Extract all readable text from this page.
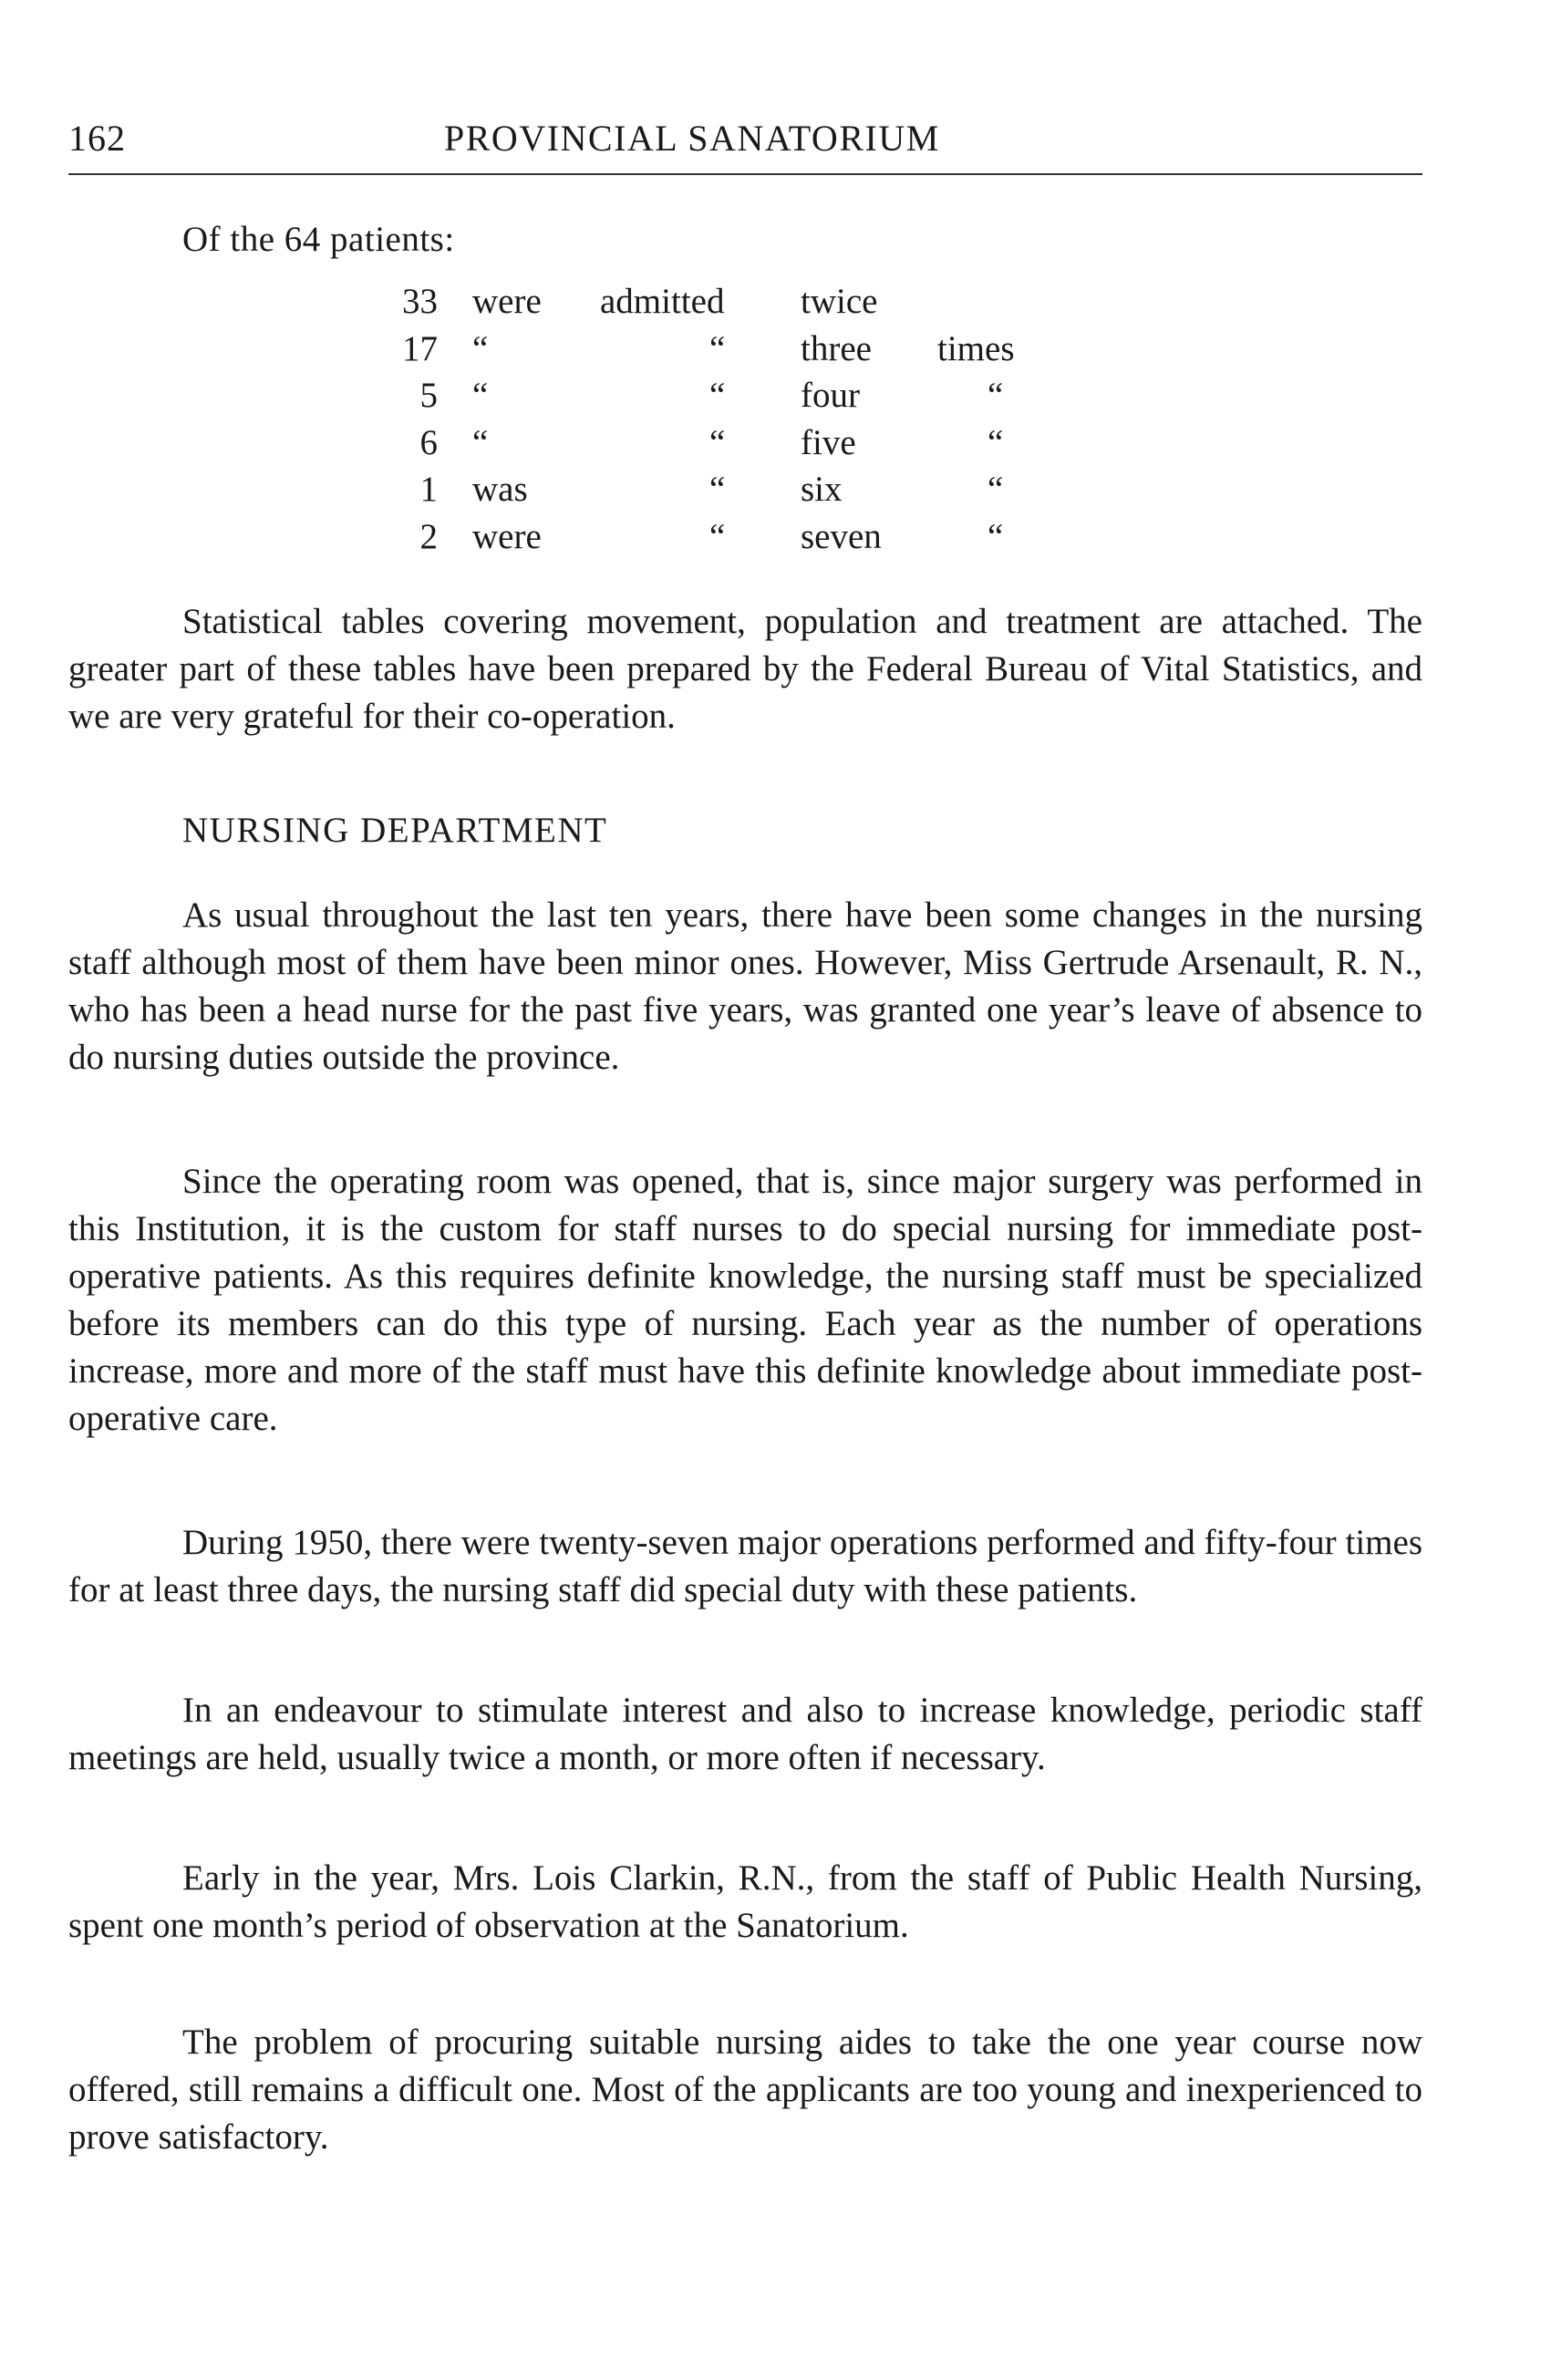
162	PROVINCIAL SANATORIUM
Of the 64 patients:
33	were	admitted	twice	
17	“	“	three	times
5	“	“	four	“
6	“	“	five	“
1	was	“	six	“
2	were	“	seven	“

Statistical tables covering movement, population and treatment are attached. The greater part of these tables have been prepared by the Federal Bureau of Vital Statistics, and we are very grateful for their co-operation.

NURSING DEPARTMENT

As usual throughout the last ten years, there have been some changes in the nursing staff although most of them have been minor ones. However, Miss Gertrude Arsenault, R. N., who has been a head nurse for the past five years, was granted one year’s leave of absence to do nursing duties outside the province.

Since the operating room was opened, that is, since major surgery was performed in this Institution, it is the custom for staff nurses to do special nursing for immediate post-operative patients. As this requires definite knowledge, the nursing staff must be specialized before its members can do this type of nursing. Each year as the number of operations increase, more and more of the staff must have this definite knowledge about immediate post-operative care.

During 1950, there were twenty-seven major operations performed and fifty-four times for at least three days, the nursing staff did special duty with these patients.

In an endeavour to stimulate interest and also to increase knowledge, periodic staff meetings are held, usually twice a month, or more often if necessary.

Early in the year, Mrs. Lois Clarkin, R.N., from the staff of Public Health Nursing, spent one month’s period of observation at the Sanatorium.

The problem of procuring suitable nursing aides to take the one year course now offered, still remains a difficult one. Most of the applicants are too young and inexperienced to prove satisfactory.
